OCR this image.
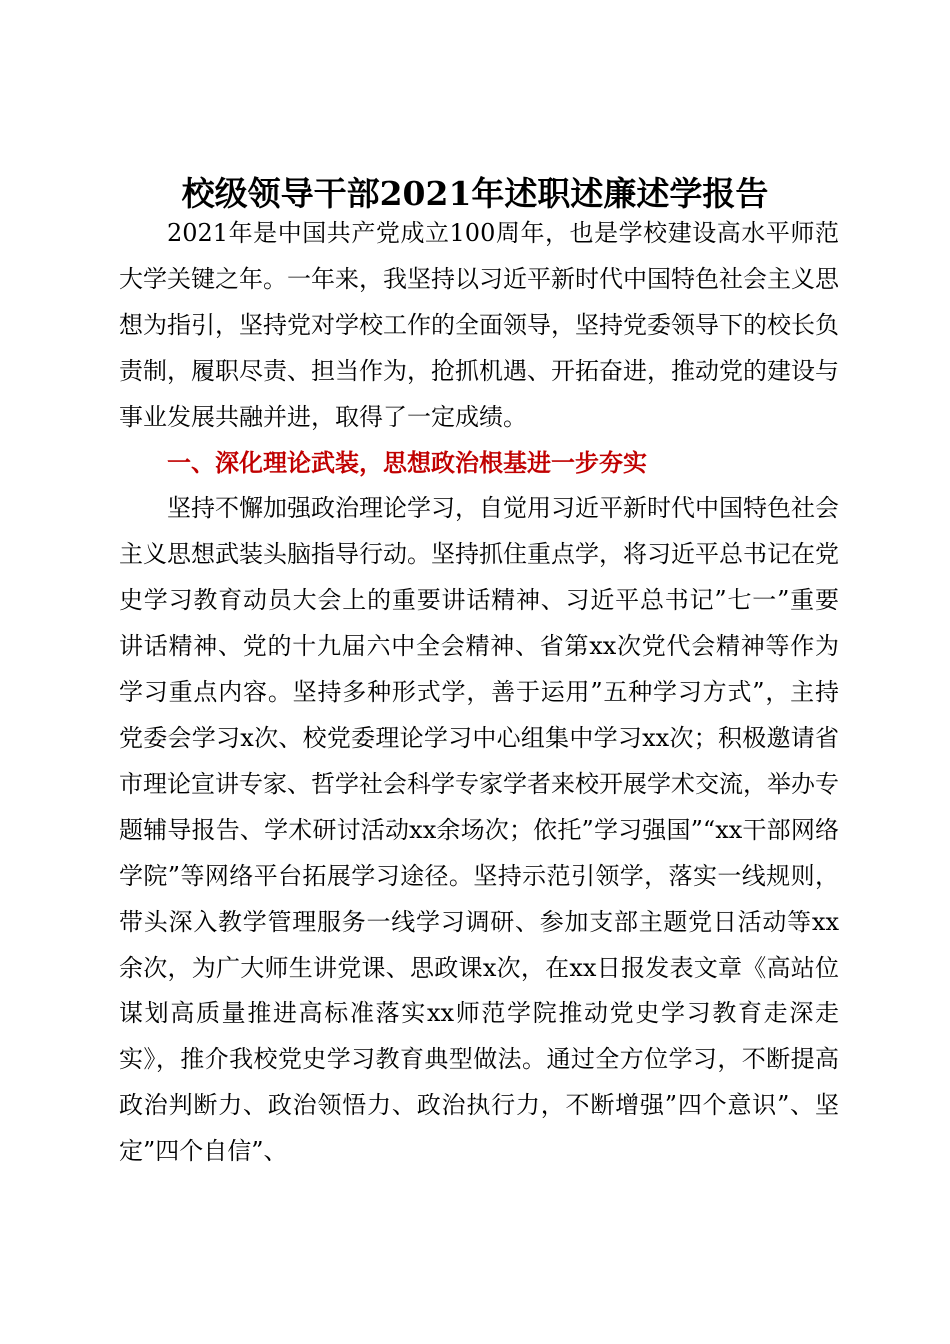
校级领导干部2021年述职述廉述学报告

2021年是中国共产党成立100周年，也是学校建设高水平师范大学关键之年。一年来，我坚持以习近平新时代中国特色社会主义思想为指引，坚持党对学校工作的全面领导，坚持党委领导下的校长负责制，履职尽责、担当作为，抢抓机遇、开拓奋进，推动党的建设与事业发展共融并进，取得了一定成绩。

一、深化理论武装，思想政治根基进一步夯实

坚持不懈加强政治理论学习，自觉用习近平新时代中国特色社会主义思想武装头脑指导行动。坚持抓住重点学，将习近平总书记在党史学习教育动员大会上的重要讲话精神、习近平总书记”七一”重要讲话精神、党的十九届六中全会精神、省第xx次党代会精神等作为学习重点内容。坚持多种形式学，善于运用”五种学习方式”，主持党委会学习x次、校党委理论学习中心组集中学习xx次；积极邀请省市理论宣讲专家、哲学社会科学专家学者来校开展学术交流，举办专题辅导报告、学术研讨活动xx余场次；依托”学习强国”“xx干部网络学院”等网络平台拓展学习途径。坚持示范引领学，落实一线规则，带头深入教学管理服务一线学习调研、参加支部主题党日活动等xx余次，为广大师生讲党课、思政课x次，在xx日报发表文章《高站位谋划高质量推进高标准落实xx师范学院推动党史学习教育走深走实》，推介我校党史学习教育典型做法。通过全方位学习，不断提高政治判断力、政治领悟力、政治执行力，不断增强”四个意识”、坚定”四个自信”、
